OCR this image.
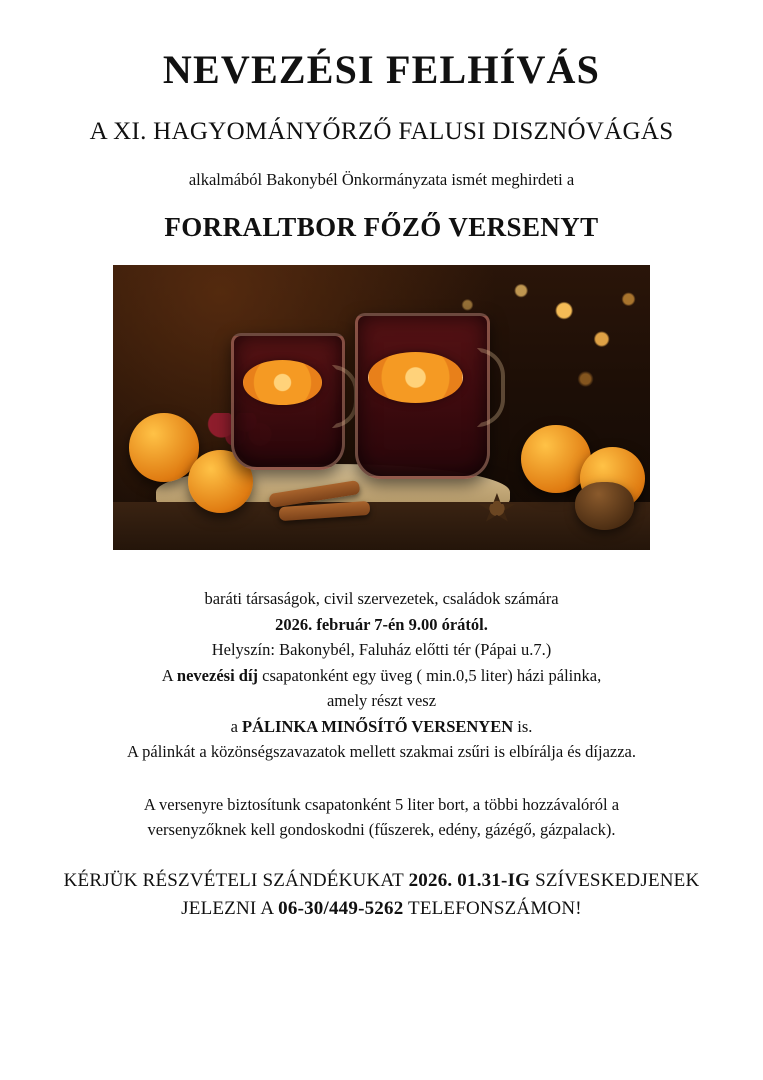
NEVEZÉSI FELHÍVÁS
A XI. HAGYOMÁNYŐRZŐ FALUSI DISZNÓVÁGÁS
alkalmából Bakonybél Önkormányzata ismét meghirdeti a
FORRALTBOR FŐZŐ VERSENYT
baráti társaságok, civil szervezetek, családok számára
2026. február 7-én 9.00 órától.
Helyszín: Bakonybél, Faluház előtti tér (Pápai u.7.)
A nevezési díj csapatonként egy üveg ( min.0,5 liter) házi pálinka,
amely részt vesz
a PÁLINKA MINŐSÍTŐ VERSENYEN is.
A pálinkát a közönségszavazatok mellett szakmai zsűri is elbírálja és díjazza.
A versenyre biztosítunk csapatonként 5 liter bort, a többi hozzávalóról a
versenyzőknek kell gondoskodni (fűszerek, edény, gázégő, gázpalack).
KÉRJÜK RÉSZVÉTELI SZÁNDÉKUKAT 2026. 01.31-IG SZÍVESKEDJENEK
JELEZNI A 06-30/449-5262 TELEFONSZÁMON!
